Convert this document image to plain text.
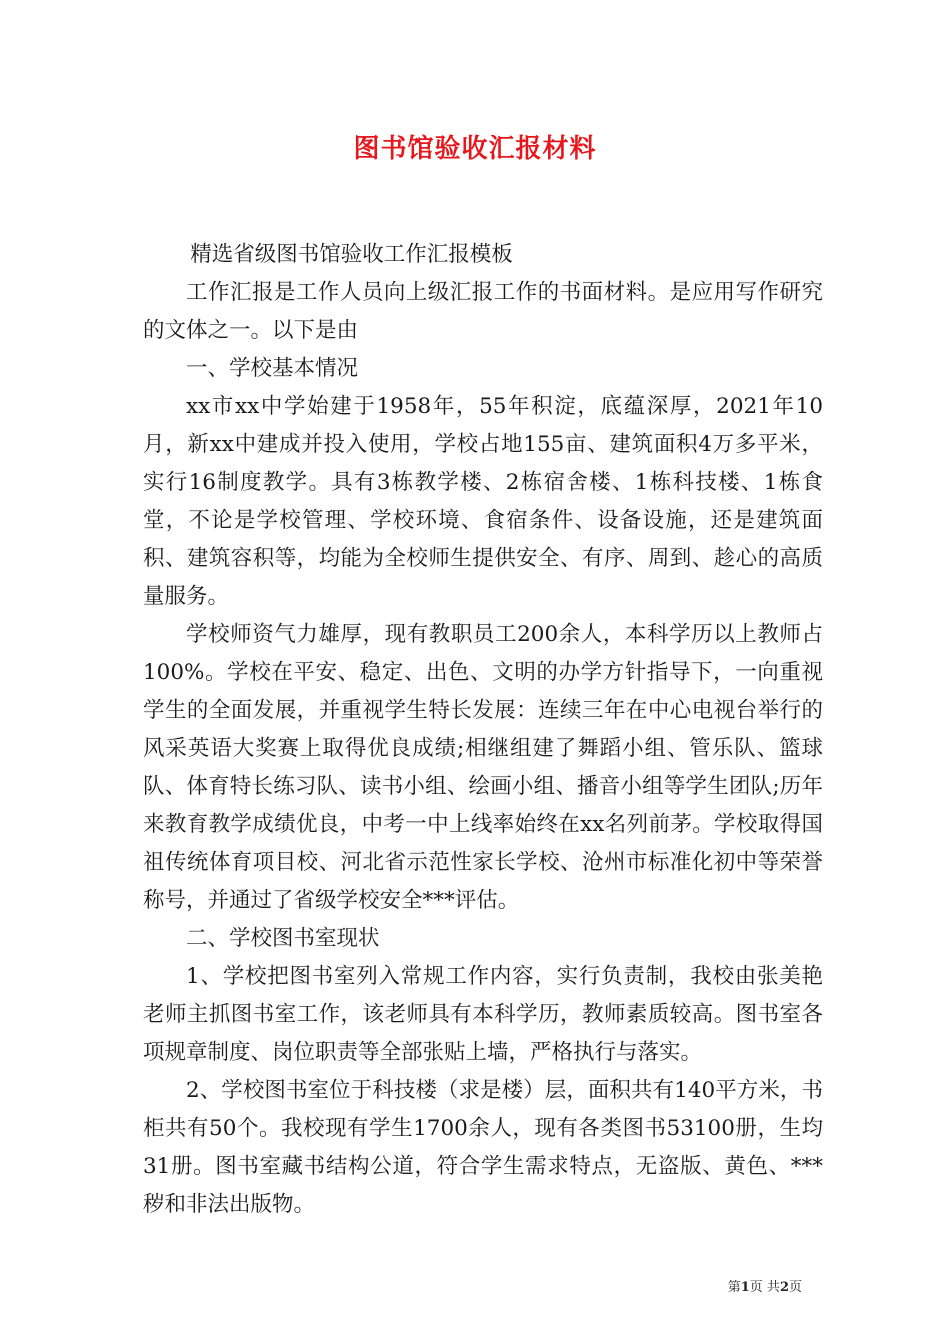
图书馆验收汇报材料

精选省级图书馆验收工作汇报模板

工作汇报是工作人员向上级汇报工作的书面材料。是应用写作研究的文体之一。以下是由

一、学校基本情况

xx市xx中学始建于1958年，55年积淀，底蕴深厚，2021年10月，新xx中建成并投入使用，学校占地155亩、建筑面积4万多平米，实行16制度教学。具有3栋教学楼、2栋宿舍楼、1栋科技楼、1栋食堂，不论是学校管理、学校环境、食宿条件、设备设施，还是建筑面积、建筑容积等，均能为全校师生提供安全、有序、周到、趁心的高质量服务。

学校师资气力雄厚，现有教职员工200余人，本科学历以上教师占100%。学校在平安、稳定、出色、文明的办学方针指导下，一向重视学生的全面发展，并重视学生特长发展：连续三年在中心电视台举行的风采英语大奖赛上取得优良成绩;相继组建了舞蹈小组、管乐队、篮球队、体育特长练习队、读书小组、绘画小组、播音小组等学生团队;历年来教育教学成绩优良，中考一中上线率始终在xx名列前茅。学校取得国祖传统体育项目校、河北省示范性家长学校、沧州市标准化初中等荣誉称号，并通过了省级学校安全***评估。

二、学校图书室现状

1、学校把图书室列入常规工作内容，实行负责制，我校由张美艳老师主抓图书室工作，该老师具有本科学历，教师素质较高。图书室各项规章制度、岗位职责等全部张贴上墙，严格执行与落实。

2、学校图书室位于科技楼（求是楼）层，面积共有140平方米，书柜共有50个。我校现有学生1700余人，现有各类图书53100册，生均31册。图书室藏书结构公道，符合学生需求特点，无盗版、黄色、***秽和非法出版物。

第1页 共2页
